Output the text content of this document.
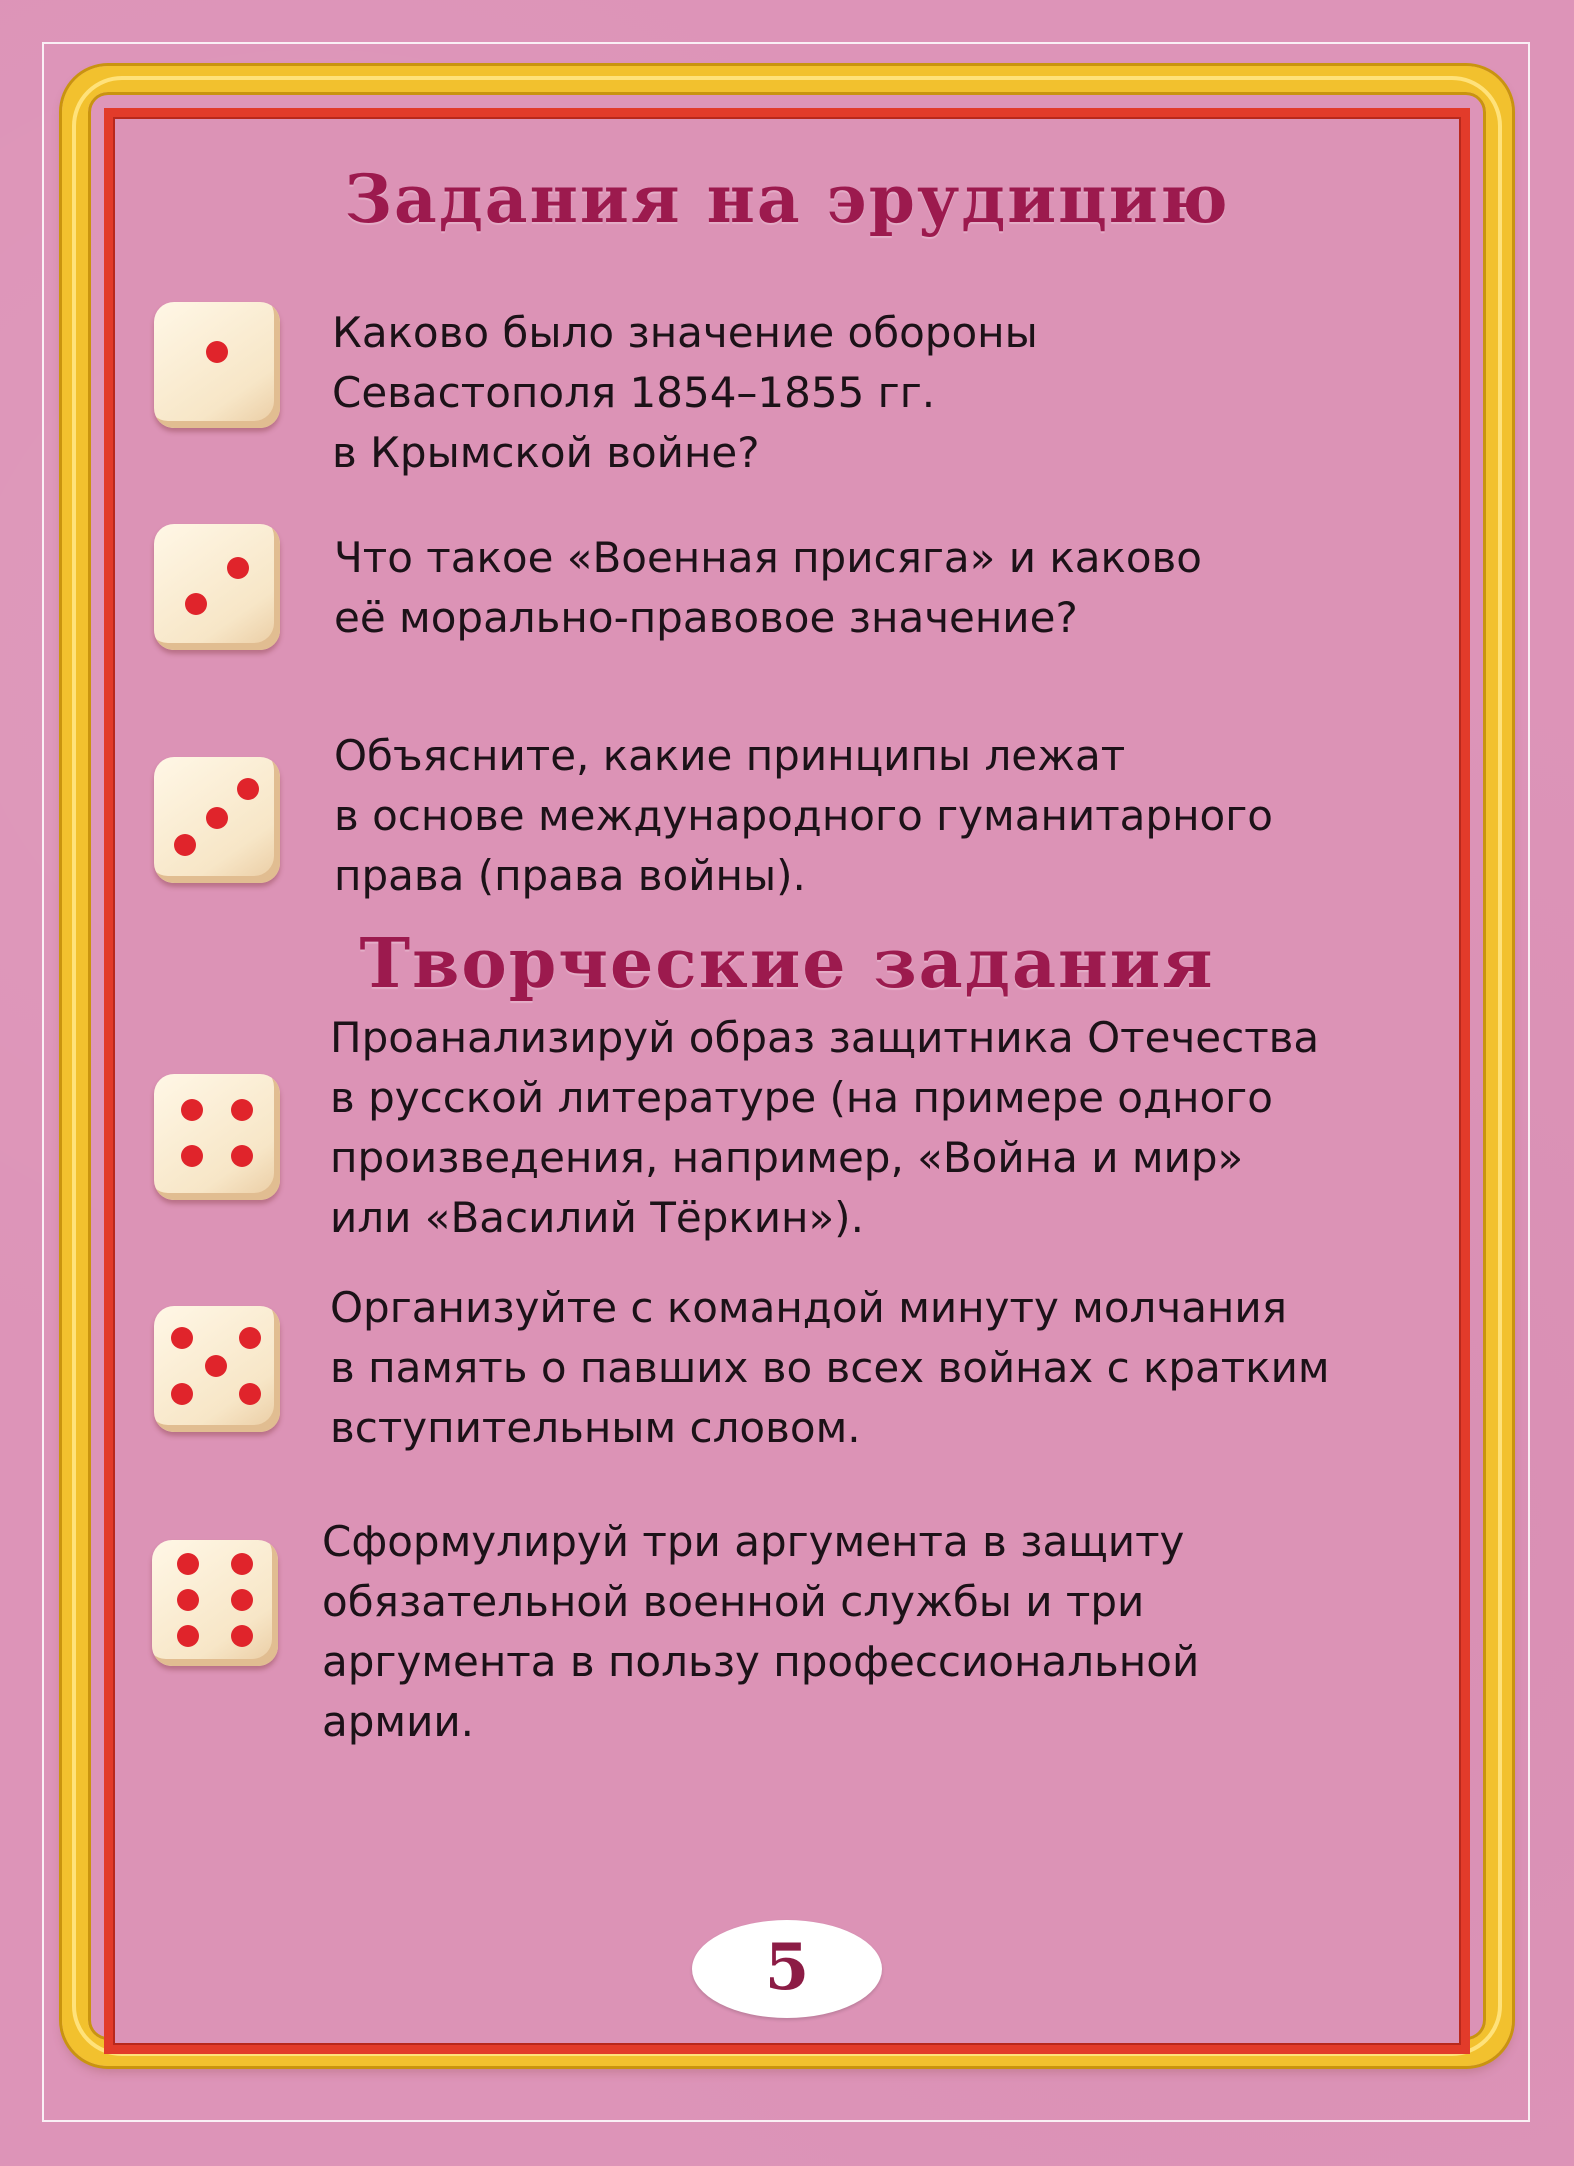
Задания на эрудицию

Каково было значение обороны
Севастополя 1854–1855 гг.
в Крымской войне?

Что такое «Военная присяга» и каково
её морально-правовое значение?

Объясните, какие принципы лежат
в основе международного гуманитарного
права (права войны).

Творческие задания

Проанализируй образ защитника Отечества
в русской литературе (на примере одного
произведения, например, «Война и мир»
или «Василий Тёркин»).

Организуйте с командой минуту молчания
в память о павших во всех войнах с кратким
вступительным словом.

Сформулируй три аргумента в защиту
обязательной военной службы и три
аргумента в пользу профессиональной
армии.

5
